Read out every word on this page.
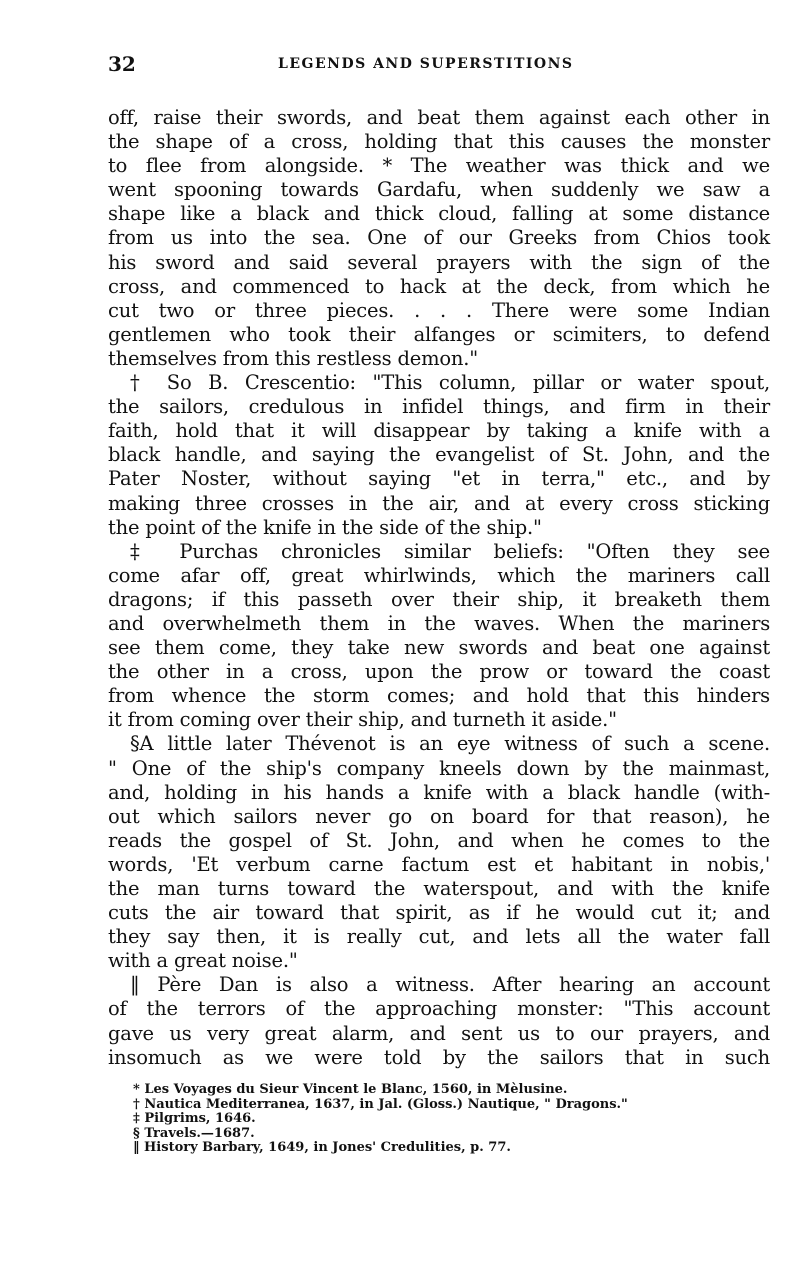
32	LEGENDS AND SUPERSTITIONS
off, raise their swords, and beat them against each other in
the shape of a cross, holding that this causes the monster
to flee from alongside. * The weather was thick and we
went spooning towards Gardafu, when suddenly we saw a
shape like a black and thick cloud, falling at some distance
from us into the sea. One of our Greeks from Chios took
his sword and said several prayers with the sign of the
cross, and commenced to hack at the deck, from which he
cut two or three pieces. . . . There were some Indian
gentlemen who took their alfanges or scimiters, to defend
themselves from this restless demon."
† So B. Crescentio: "This column, pillar or water spout,
the sailors, credulous in infidel things, and firm in their
faith, hold that it will disappear by taking a knife with a
black handle, and saying the evangelist of St. John, and the
Pater Noster, without saying "et in terra," etc., and by
making three crosses in the air, and at every cross sticking
the point of the knife in the side of the ship."
‡ Purchas chronicles similar beliefs: "Often they see
come afar off, great whirlwinds, which the mariners call
dragons; if this passeth over their ship, it breaketh them
and overwhelmeth them in the waves. When the mariners
see them come, they take new swords and beat one against
the other in a cross, upon the prow or toward the coast
from whence the storm comes; and hold that this hinders
it from coming over their ship, and turneth it aside."
§A little later Thévenot is an eye witness of such a scene.
" One of the ship's company kneels down by the mainmast,
and, holding in his hands a knife with a black handle (with-
out which sailors never go on board for that reason), he
reads the gospel of St. John, and when he comes to the
words, 'Et verbum carne factum est et habitant in nobis,'
the man turns toward the waterspout, and with the knife
cuts the air toward that spirit, as if he would cut it; and
they say then, it is really cut, and lets all the water fall
with a great noise."
‖ Père Dan is also a witness. After hearing an account
of the terrors of the approaching monster: "This account
gave us very great alarm, and sent us to our prayers, and
insomuch as we were told by the sailors that in such
* Les Voyages du Sieur Vincent le Blanc, 1560, in Mèlusine.
† Nautica Mediterranea, 1637, in Jal. (Gloss.) Nautique, " Dragons."
‡ Pilgrims, 1646.
§ Travels.—1687.
‖ History Barbary, 1649, in Jones' Credulities, p. 77.
